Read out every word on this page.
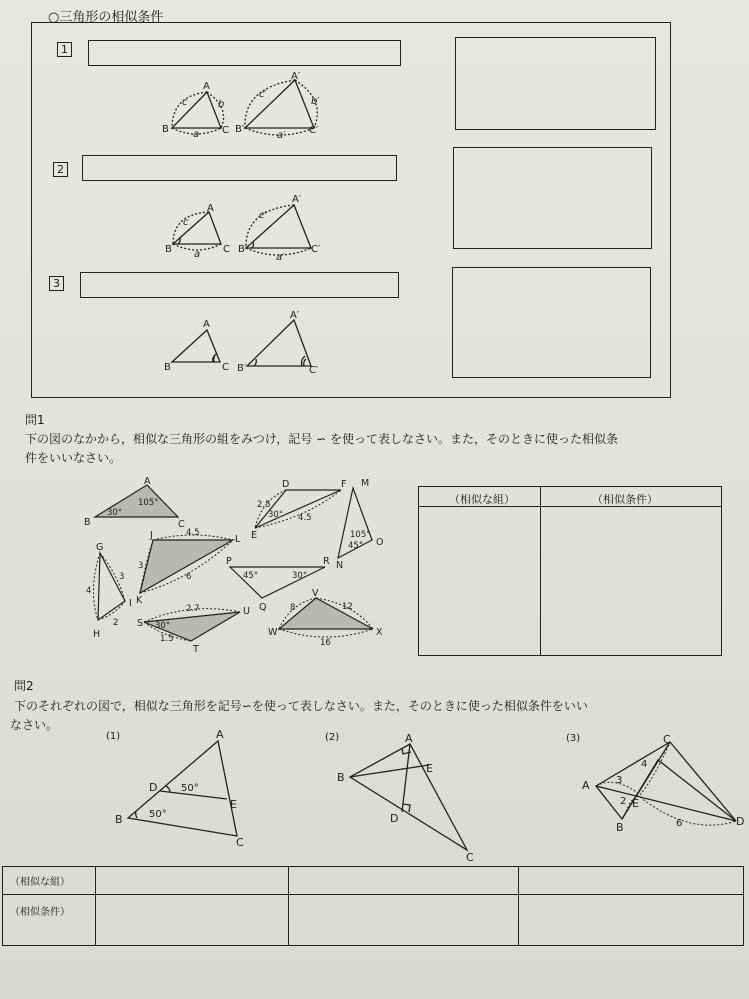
○三角形の相似条件
1
2
3
A
B	C
c	b
a
A′
B′	C′
c′
b′
a′
A
B	C
c
a
A′
B′	C′
c′
a′
A
B	C
A′
B′	C′
問1
下の図のなかから，相似な三角形の組をみつけ，記号 ∽ を使って表しなさい。また，そのときに使った相似条
件をいいなさい。
（相似な組）	（相似条件）
A
B	C
105°
30°
D
E
F
2.5
30° 4.5
M
N
O
105°
45°
J
K
L
4.5
3
6
G
H
I
3
4
2
P
Q
R
45°	30°
S
T
U
2.7
30°
1.5
V
W	X
8	12
16
問2
下のそれぞれの図で，相似な三角形を記号∽を使って表しなさい。また，そのときに使った相似条件をいい
なさい。
(1)	(2)	(3)
A
B
C
D
E
50°
50°
A
B
C
D
E
A
B
C
D
E
3
4
2
6
（相似な組）
（相似条件）
